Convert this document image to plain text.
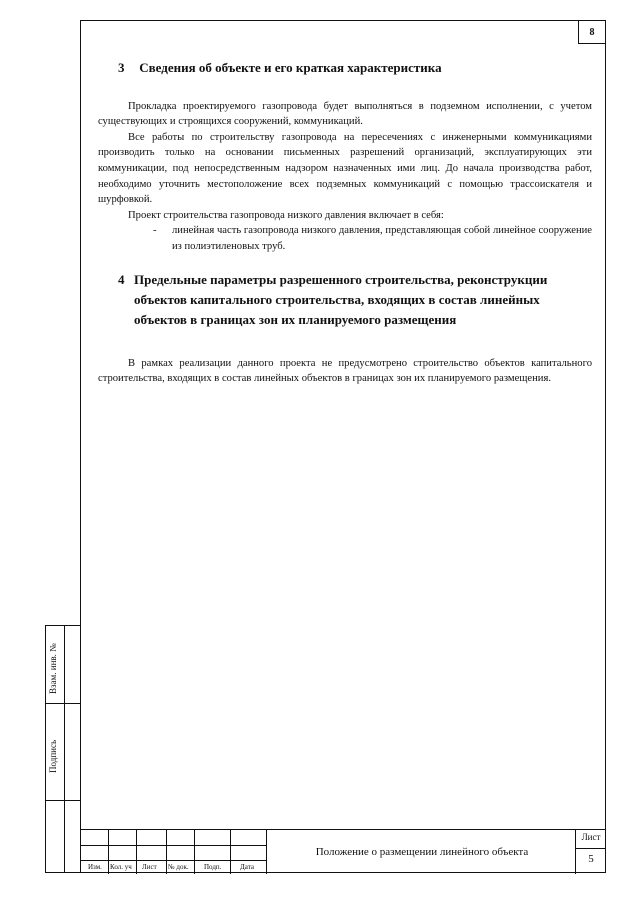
8
Взам. инв. №
Подпись
3 Сведения об объекте и его краткая характеристика

Прокладка проектируемого газопровода будет выполняться в подземном исполнении, с учетом существующих и строящихся сооружений, коммуникаций.

Все работы по строительству газопровода на пересечениях с инженерными коммуникациями производить только на основании письменных разрешений организаций, эксплуатирующих эти коммуникации, под непосредственным надзором назначенных ими лиц. До начала производства работ, необходимо уточнить местоположение всех подземных коммуникаций с помощью трассоискателя и шурфовкой.

Проект строительства газопровода низкого давления включает в себя:

- линейная часть газопровода низкого давления, представляющая собой линейное сооружение из полиэтиленовых труб.
4 Предельные параметры разрешенного строительства, реконструкции объектов капитального строительства, входящих в состав линейных объектов в границах зон их планируемого размещения

В рамках реализации данного проекта не предусмотрено строительство объектов капитального строительства, входящих в состав линейных объектов в границах зон их планируемого размещения.

Изм. Кол. уч Лист № док. Подп.	Дата
Положение о размещении линейного объекта
Лист
5
